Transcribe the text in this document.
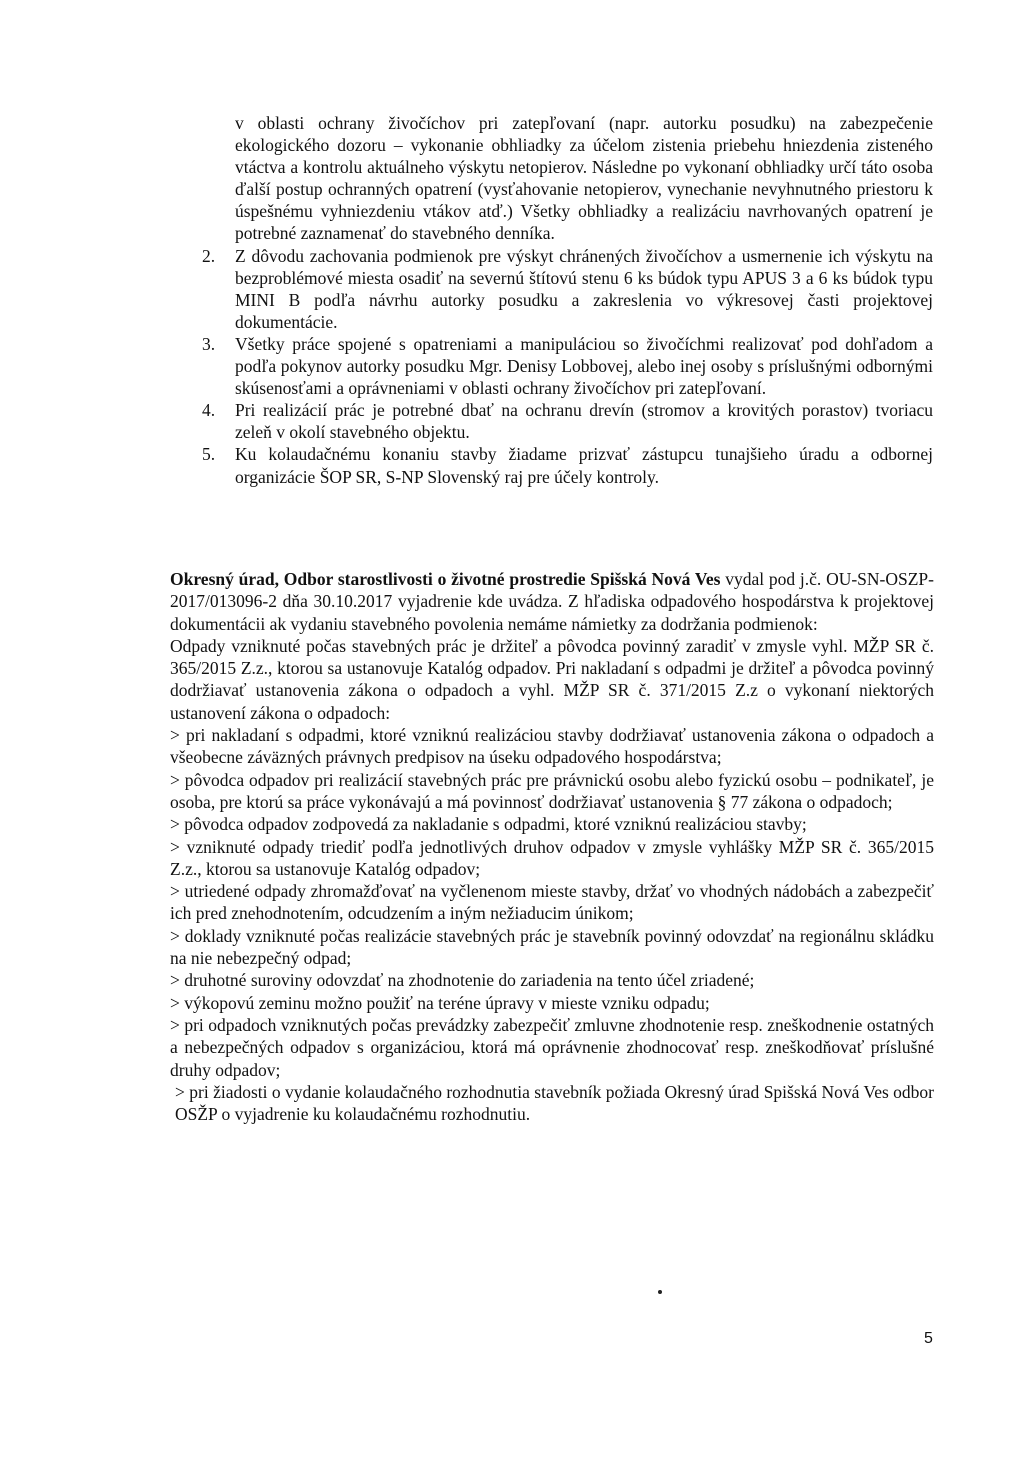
v oblasti ochrany živočíchov pri zatepľovaní (napr. autorku posudku) na zabezpečenie ekologického dozoru – vykonanie obhliadky za účelom zistenia priebehu hniezdenia zisteného vtáctva a kontrolu aktuálneho výskytu netopierov. Následne po vykonaní obhliadky určí táto osoba ďalší postup ochranných opatrení (vysťahovanie netopierov, vynechanie nevyhnutného priestoru k úspešnému vyhniezdeniu vtákov atď.) Všetky obhliadky a realizáciu navrhovaných opatrení je potrebné zaznamenať do stavebného denníka.

2. Z dôvodu zachovania podmienok pre výskyt chránených živočíchov a usmernenie ich výskytu na bezproblémové miesta osadiť na severnú štítovú stenu 6 ks búdok typu APUS 3 a 6 ks búdok typu MINI B podľa návrhu autorky posudku a zakreslenia vo výkresovej časti projektovej dokumentácie.

3. Všetky práce spojené s opatreniami a manipuláciou so živočíchmi realizovať pod dohľadom a podľa pokynov autorky posudku Mgr. Denisy Lobbovej, alebo inej osoby s príslušnými odbornými skúsenosťami a oprávneniami v oblasti ochrany živočíchov pri zatepľovaní.

4. Pri realizácií prác je potrebné dbať na ochranu drevín (stromov a krovitých porastov) tvoriacu zeleň v okolí stavebného objektu.

5. Ku kolaudačnému konaniu stavby žiadame prizvať zástupcu tunajšieho úradu a odbornej organizácie ŠOP SR, S-NP Slovenský raj pre účely kontroly.

Okresný úrad, Odbor starostlivosti o životné prostredie Spišská Nová Ves vydal pod j.č. OU-SN-OSZP-2017/013096-2 dňa 30.10.2017 vyjadrenie kde uvádza. Z hľadiska odpadového hospodárstva k projektovej dokumentácii ak vydaniu stavebného povolenia nemáme námietky za dodržania podmienok:

Odpady vzniknuté počas stavebných prác je držiteľ a pôvodca povinný zaradiť v zmysle vyhl. MŽP SR č. 365/2015 Z.z., ktorou sa ustanovuje Katalóg odpadov. Pri nakladaní s odpadmi je držiteľ a pôvodca povinný dodržiavať ustanovenia zákona o odpadoch a vyhl. MŽP SR č. 371/2015 Z.z o vykonaní niektorých ustanovení zákona o odpadoch:

> pri nakladaní s odpadmi, ktoré vzniknú realizáciou stavby dodržiavať ustanovenia zákona o odpadoch a všeobecne záväzných právnych predpisov na úseku odpadového hospodárstva;

> pôvodca odpadov pri realizácií stavebných prác pre právnickú osobu alebo fyzickú osobu – podnikateľ, je osoba, pre ktorú sa práce vykonávajú a má povinnosť dodržiavať ustanovenia § 77 zákona o odpadoch;

> pôvodca odpadov zodpovedá za nakladanie s odpadmi, ktoré vzniknú realizáciou stavby;

> vzniknuté odpady triediť podľa jednotlivých druhov odpadov v zmysle vyhlášky MŽP SR č. 365/2015 Z.z., ktorou sa ustanovuje Katalóg odpadov;

> utriedené odpady zhromažďovať na vyčlenenom mieste stavby, držať vo vhodných nádobách a zabezpečiť ich pred znehodnotením, odcudzením a iným nežiaducim únikom;

> doklady vzniknuté počas realizácie stavebných prác je stavebník povinný odovzdať na regionálnu skládku na nie nebezpečný odpad;

> druhotné suroviny odovzdať na zhodnotenie do zariadenia na tento účel zriadené;

> výkopovú zeminu možno použiť na teréne úpravy v mieste vzniku odpadu;

> pri odpadoch vzniknutých počas prevádzky zabezpečiť zmluvne zhodnotenie resp. zneškodnenie ostatných a nebezpečných odpadov s organizáciou, ktorá má oprávnenie zhodnocovať resp. zneškodňovať príslušné druhy odpadov;

> pri žiadosti o vydanie kolaudačného rozhodnutia stavebník požiada Okresný úrad Spišská Nová Ves odbor OSŽP o vyjadrenie ku kolaudačnému rozhodnutiu.

5
